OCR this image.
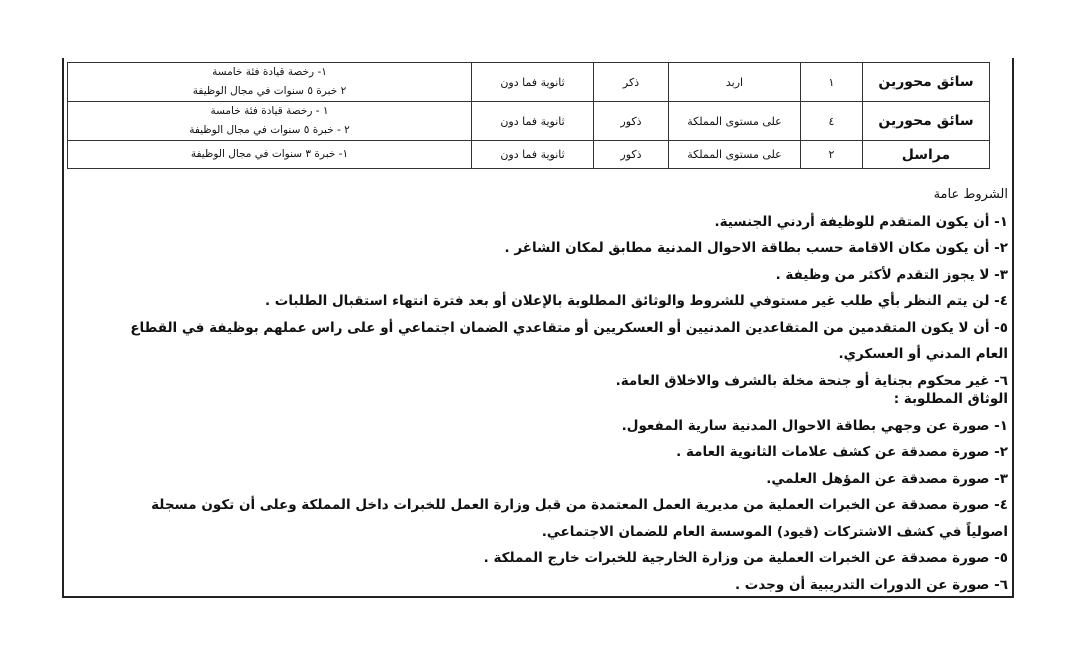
سائق محورين	١	اربد	ذكر	ثانوية فما دون	١- رخصة قيادة فئة خامسة
٢ خبرة ٥ سنوات في مجال الوظيفة

سائق محورين	٤	على مستوى المملكة	ذكور	ثانوية فما دون	١ - رخصة قيادة فئة خامسة
٢ - خبرة ٥ سنوات في مجال الوظيفة

مراسل	٢	على مستوى المملكة	ذكور	ثانوية فما دون	١- خبرة ٣ سنوات في مجال الوظيفة
الشروط عامة
١- أن يكون المتقدم للوظيفة أردني الجنسية.
٢- أن يكون مكان الاقامة حسب بطاقة الاحوال المدنية مطابق لمكان الشاغر .
٣- لا يجوز التقدم لأكثر من وظيفة .
٤- لن يتم النظر بأي طلب غير مستوفي للشروط والوثائق المطلوبة بالإعلان أو بعد فترة انتهاء استقبال الطلبات .
٥- أن لا يكون المتقدمين من المتقاعدين المدنيين أو العسكريين أو متقاعدي الضمان اجتماعي أو على راس عملهم بوظيفة في القطاع
العام المدني أو العسكري.
٦- غير محكوم بجناية أو جنحة مخلة بالشرف والاخلاق العامة.
الوثاق المطلوبة :
١- صورة عن وجهي بطاقة الاحوال المدنية سارية المفعول.
٢- صورة مصدقة عن كشف علامات الثانوية العامة .
٣- صورة مصدقة عن المؤهل العلمي.
٤- صورة مصدقة عن الخبرات العملية من مديرية العمل المعتمدة من قبل وزارة العمل للخبرات داخل المملكة وعلى أن تكون مسجلة
اصولياً في كشف الاشتركات (قيود) الموسسة العام للضمان الاجتماعي.
٥- صورة مصدقة عن الخبرات العملية من وزارة الخارجية للخبرات خارج المملكة .
٦- صورة عن الدورات التدريبية أن وجدت .
